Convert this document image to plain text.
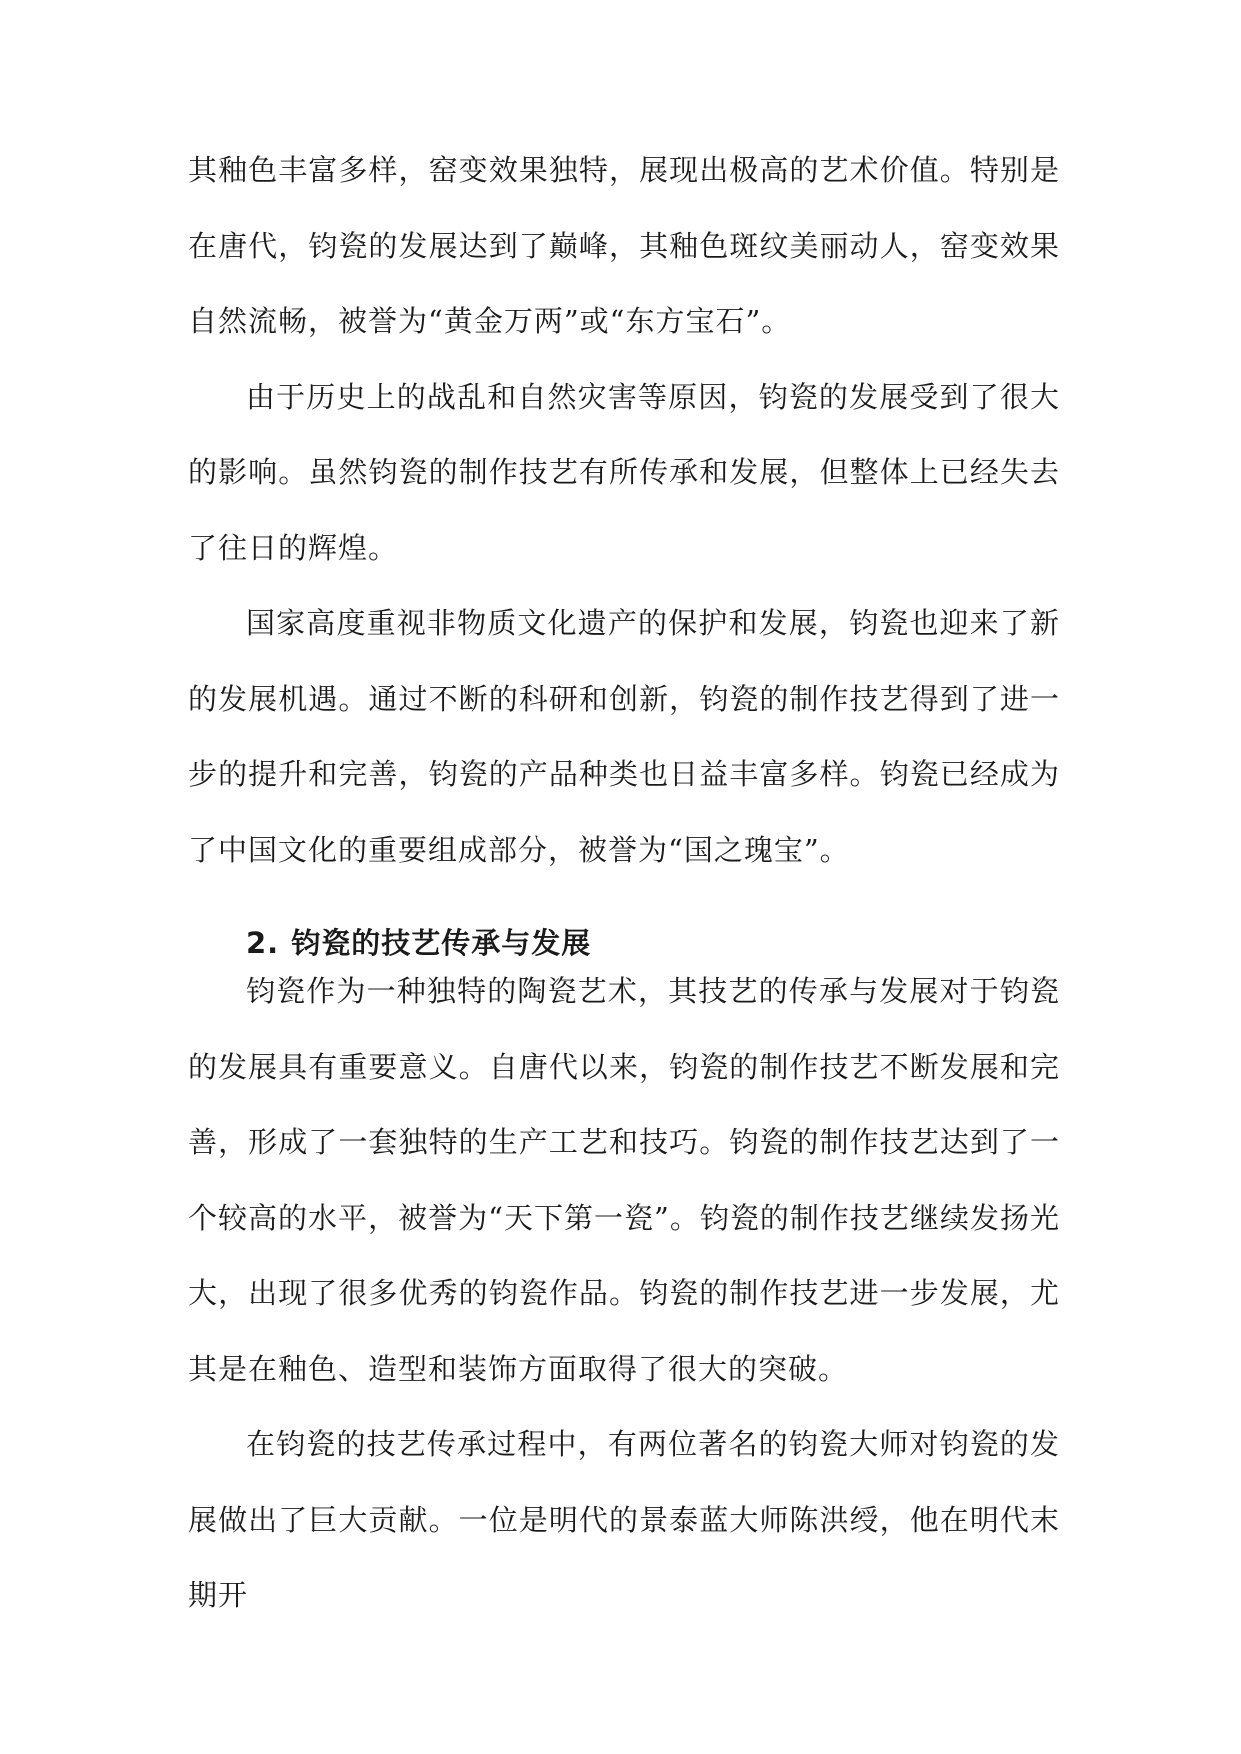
其釉色丰富多样，窑变效果独特，展现出极高的艺术价值。特别是在唐代，钧瓷的发展达到了巅峰，其釉色斑纹美丽动人，窑变效果自然流畅，被誉为“黄金万两”或“东方宝石”。

由于历史上的战乱和自然灾害等原因，钧瓷的发展受到了很大的影响。虽然钧瓷的制作技艺有所传承和发展，但整体上已经失去了往日的辉煌。

国家高度重视非物质文化遗产的保护和发展，钧瓷也迎来了新的发展机遇。通过不断的科研和创新，钧瓷的制作技艺得到了进一步的提升和完善，钧瓷的产品种类也日益丰富多样。钧瓷已经成为了中国文化的重要组成部分，被誉为“国之瑰宝”。

2. 钧瓷的技艺传承与发展

钧瓷作为一种独特的陶瓷艺术，其技艺的传承与发展对于钧瓷的发展具有重要意义。自唐代以来，钧瓷的制作技艺不断发展和完善，形成了一套独特的生产工艺和技巧。钧瓷的制作技艺达到了一个较高的水平，被誉为“天下第一瓷”。钧瓷的制作技艺继续发扬光大，出现了很多优秀的钧瓷作品。钧瓷的制作技艺进一步发展，尤其是在釉色、造型和装饰方面取得了很大的突破。

在钧瓷的技艺传承过程中，有两位著名的钧瓷大师对钧瓷的发展做出了巨大贡献。一位是明代的景泰蓝大师陈洪绶，他在明代末期开
